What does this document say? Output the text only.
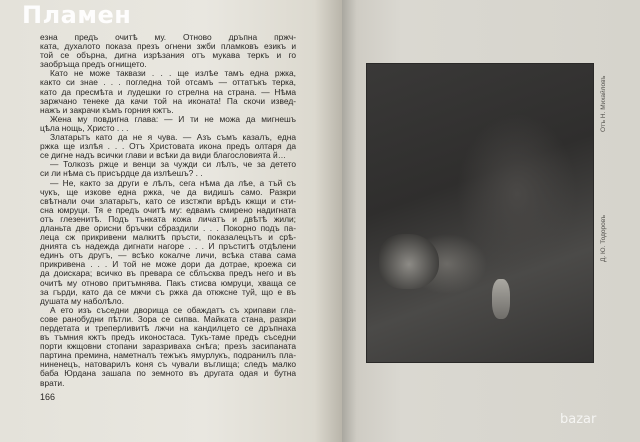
езна предъ очитѣ му. Отново дръпна пржч-
ката, духалото показа презъ огнени зжби пламковъ езикъ и
той се обърна, дигна изрѣзания отъ мукава теркъ и го
заобръща предъ огнището.
Като не може таквази . . . ще излѣе тамъ една ржка,
както си знае . . . погледна той отсамъ — оттатъкъ терка,
като да пресмѣта и лудешки го стрелна на страна. — Нѣма
заржчано тенеке да качи той на иконата! Па скочи извед-
нажъ и закрачи къмъ горния кжтъ.
Жена му повдигна глава: — И ти не можа да мигнешъ
цѣла нощь, Христо . . .
Златарьтъ като да не я чува. — Азъ съмъ казалъ, една
ржка ще излѣя . . . Отъ Христовата икона предъ олтаря да
се дигне надъ всички глави и всѣки да види благословията й…
— Толкозъ ржце и венци за чужди си лѣлъ, че за детето
си ли нѣма съ присърдце да излѣешъ? . .
— Не, както за други е лѣлъ, сега нѣма да лѣе, а тъй съ
чукъ, ще изкове една ржка, че да видишъ само. Разкри
свѣтнали очи златарьтъ, като се изстжпи врѣдъ кжщи и сти-
сна юмруци. Тя е предъ очитѣ му: едвамъ смирено надигната
отъ глезенитѣ. Подъ тънката кожа личатъ и двѣтѣ жили;
дланьта две орисни бръчки сбраздили . . . Покорно подъ па-
леца сж прикривени малкитѣ пръсти, показалецътъ и срѣ-
днията съ надежда дигнати нагоре . . . И пръститѣ отдѣлени
единъ отъ другъ, — всѣко кокалче личи, всѣка става сама
прикривена . . . И той не може дори да дотрае, кроежа си
да доискара; всичко въ превара се сблъсква предъ него и въ
очитѣ му отново притъмнява. Пакъ стисва юмруци, хваща се
за гърди, като да се мжчи съ ржка да откжсне туй, що е въ
душата му наболѣло.
А ето изъ съседни дворища се обаждатъ съ хрипави гла-
сове ранобудни пѣтли. Зора се сипва. Майката стана, разкри
пердетата и треперливитѣ лжчи на кандилцето се дръпнаха
въ тъмния кжтъ предъ иконостаса. Тукъ-таме предъ съседни
порти кжщовни стопани заразриваха снѣга; презъ засипаната
партина премина, наметналъ тежъкъ ямурлукъ, подранилъ пла-
ниненецъ, натоварилъ коня съ чували въглища; следъ малко
баба Юрдана зашапа по земното въ другата одая и бутна
врати.
166
Д. Ю. Тодоровъ
Отъ Н. Михайловъ
Пламен
bazar
